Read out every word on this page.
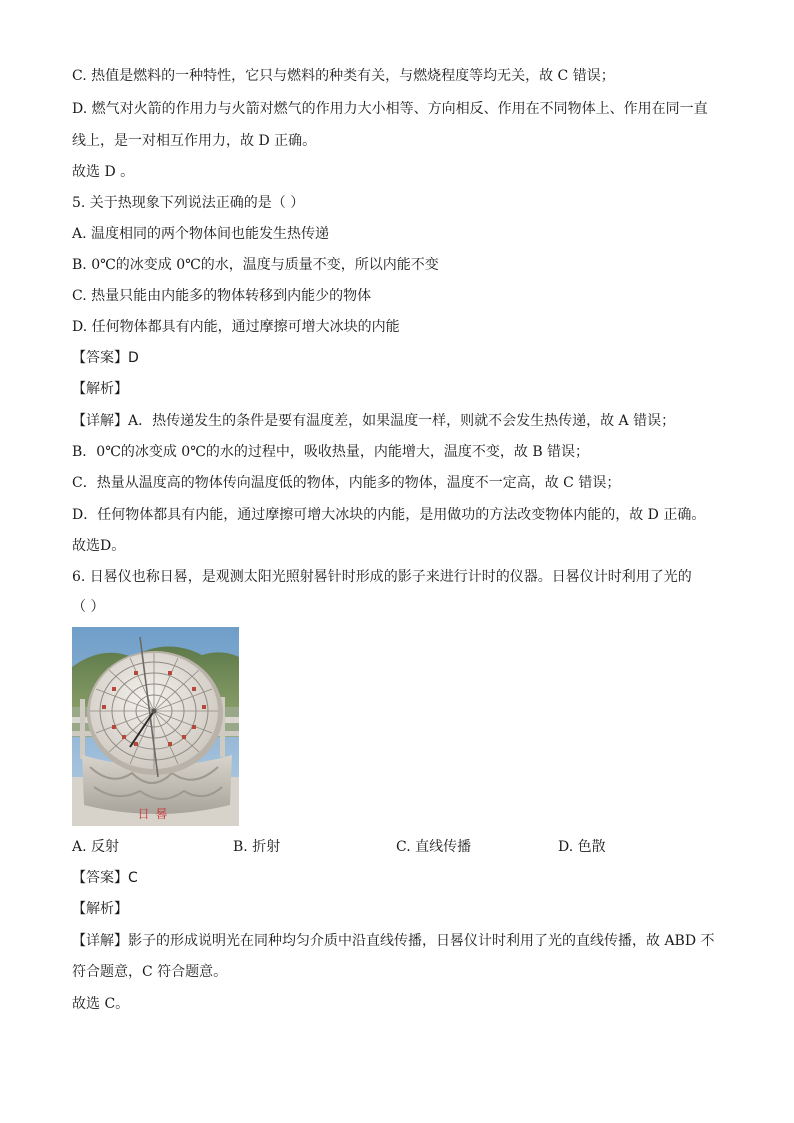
C. 热值是燃料的一种特性，它只与燃料的种类有关，与燃烧程度等均无关，故 C 错误；
D. 燃气对火箭的作用力与火箭对燃气的作用力大小相等、方向相反、作用在不同物体上、作用在同一直
线上，是一对相互作用力，故 D 正确。
故选 D 。
5. 关于热现象下列说法正确的是（ ）
A. 温度相同的两个物体间也能发生热传递
B. 0℃的冰变成 0℃的水，温度与质量不变，所以内能不变
C. 热量只能由内能多的物体转移到内能少的物体
D. 任何物体都具有内能，通过摩擦可增大冰块的内能
【答案】D
【解析】
【详解】A．热传递发生的条件是要有温度差，如果温度一样，则就不会发生热传递，故 A 错误；
B．0℃的冰变成 0℃的水的过程中，吸收热量，内能增大，温度不变，故 B 错误；
C．热量从温度高的物体传向温度低的物体，内能多的物体，温度不一定高，故 C 错误；
D．任何物体都具有内能，通过摩擦可增大冰块的内能，是用做功的方法改变物体内能的，故 D 正确。
故选D。
6. 日晷仪也称日晷，是观测太阳光照射晷针时形成的影子来进行计时的仪器。日晷仪计时利用了光的
（ ）
日晷
A. 反射	B. 折射	C. 直线传播	D. 色散
【答案】C
【解析】
【详解】影子的形成说明光在同种均匀介质中沿直线传播，日晷仪计时利用了光的直线传播，故 ABD 不
符合题意，C 符合题意。
故选 C。
